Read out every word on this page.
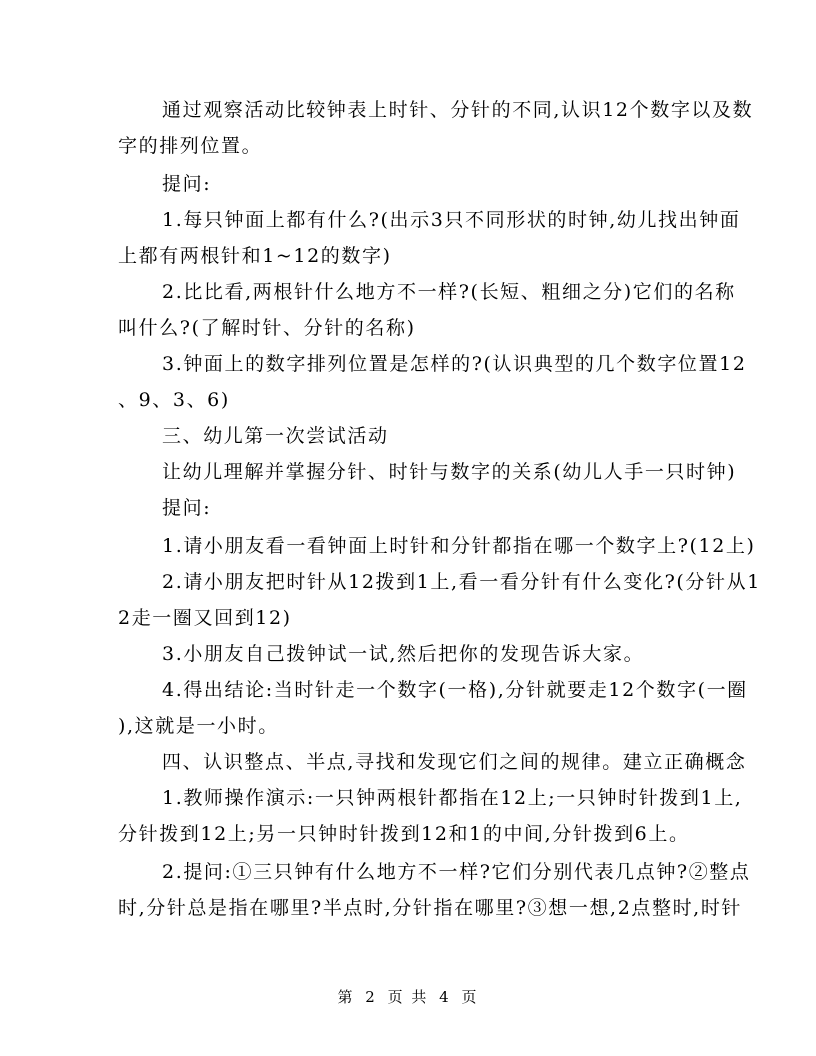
通过观察活动比较钟表上时针、分针的不同,认识12个数字以及数
字的排列位置。
提问:
1.每只钟面上都有什么?(出示3只不同形状的时钟,幼儿找出钟面
上都有两根针和1~12的数字)
2.比比看,两根针什么地方不一样?(长短、粗细之分)它们的名称
叫什么?(了解时针、分针的名称)
3.钟面上的数字排列位置是怎样的?(认识典型的几个数字位置12
、9、3、6)
三、幼儿第一次尝试活动
让幼儿理解并掌握分针、时针与数字的关系(幼儿人手一只时钟)
提问:
1.请小朋友看一看钟面上时针和分针都指在哪一个数字上?(12上)
2.请小朋友把时针从12拨到1上,看一看分针有什么变化?(分针从1
2走一圈又回到12)
3.小朋友自己拨钟试一试,然后把你的发现告诉大家。
4.得出结论:当时针走一个数字(一格),分针就要走12个数字(一圈
),这就是一小时。
四、认识整点、半点,寻找和发现它们之间的规律。建立正确概念
1.教师操作演示:一只钟两根针都指在12上;一只钟时针拨到1上,
分针拨到12上;另一只钟时针拨到12和1的中间,分针拨到6上。
2.提问:①三只钟有什么地方不一样?它们分别代表几点钟?②整点
时,分针总是指在哪里?半点时,分针指在哪里?③想一想,2点整时,时针
第 2 页 共 4 页
